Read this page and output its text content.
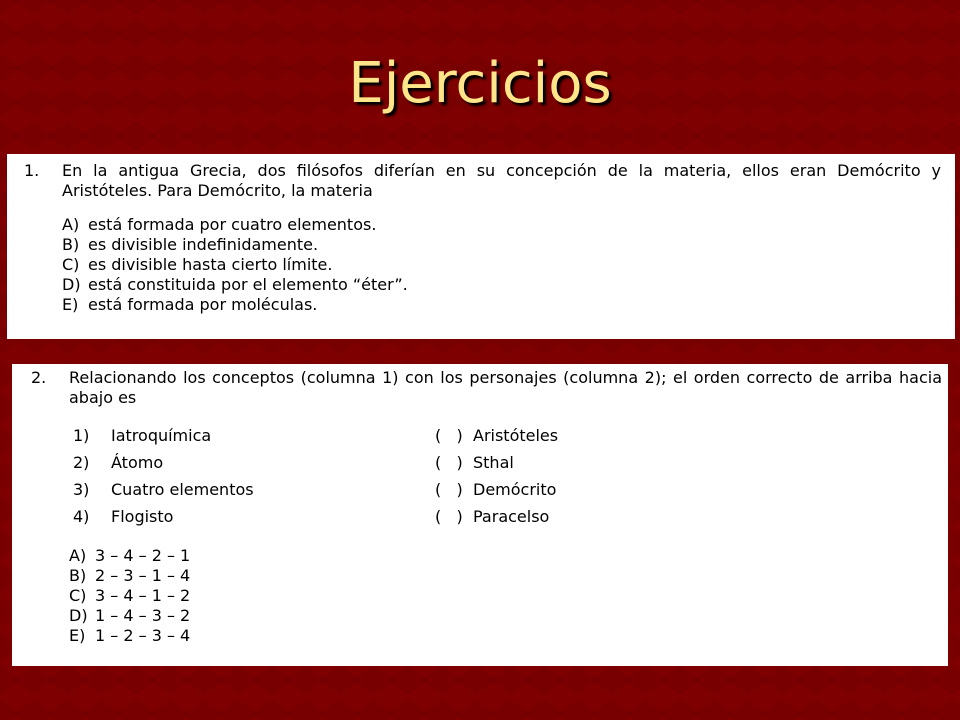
Ejercicios
1.	En la antigua Grecia, dos filósofos diferían en su concepción de la materia, ellos eran Demócrito y Aristóteles. Para Demócrito, la materia
A) está formada por cuatro elementos.
B) es divisible indefinidamente.
C) es divisible hasta cierto límite.
D) está constituida por el elemento “éter”.
E) está formada por moléculas.
2.	Relacionando los conceptos (columna 1) con los personajes (columna 2); el orden correcto de arriba hacia abajo es
1) Iatroquímica	(   ) Aristóteles
2) Átomo	(   ) Sthal
3) Cuatro elementos	(   ) Demócrito
4) Flogisto	(   ) Paracelso
A) 3 – 4 – 2 – 1
B) 2 – 3 – 1 – 4
C) 3 – 4 – 1 – 2
D) 1 – 4 – 3 – 2
E) 1 – 2 – 3 – 4
